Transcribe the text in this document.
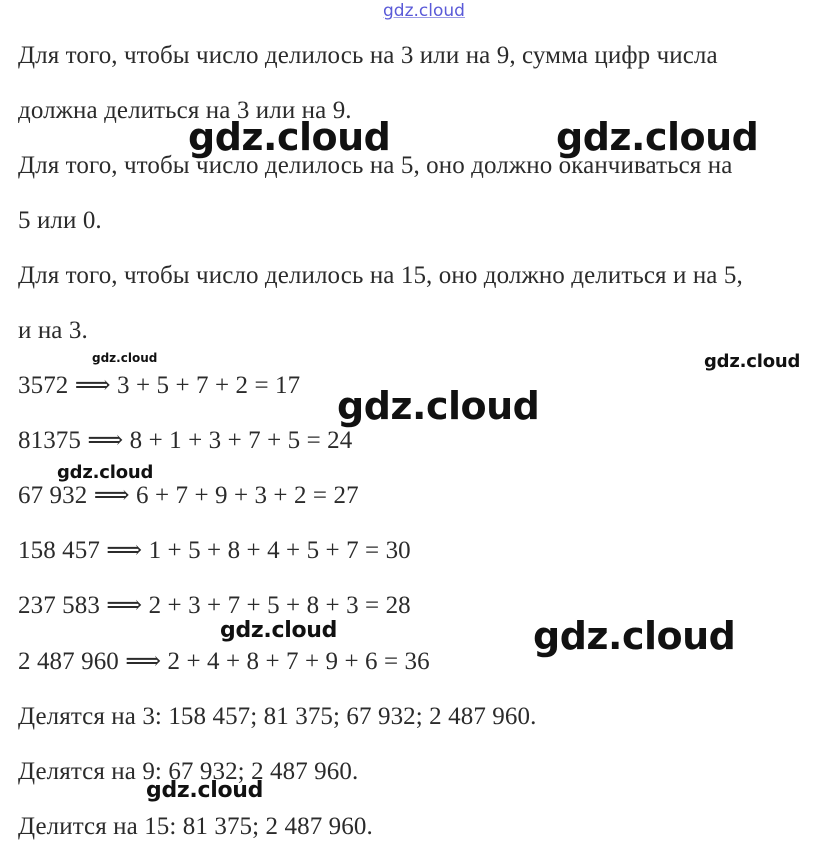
gdz.cloud
Для того, чтобы число делилось на 3 или на 9, сумма цифр числа
должна делиться на 3 или на 9.
Для того, чтобы число делилось на 5, оно должно оканчиваться на
5 или 0.
Для того, чтобы число делилось на 15, оно должно делиться и на 5,
и на 3.
3572 ⟹ 3 + 5 + 7 + 2 = 17
81375 ⟹ 8 + 1 + 3 + 7 + 5 = 24
67 932 ⟹ 6 + 7 + 9 + 3 + 2 = 27
158 457 ⟹ 1 + 5 + 8 + 4 + 5 + 7 = 30
237 583 ⟹ 2 + 3 + 7 + 5 + 8 + 3 = 28
2 487 960 ⟹ 2 + 4 + 8 + 7 + 9 + 6 = 36
Делятся на 3: 158 457; 81 375; 67 932; 2 487 960.
Делятся на 9: 67 932; 2 487 960.
Делится на 15: 81 375; 2 487 960.
gdz.cloud	gdz.cloud
gdz.cloud	gdz.cloud
gdz.cloud
gdz.cloud
gdz.cloud	gdz.cloud
gdz.cloud
